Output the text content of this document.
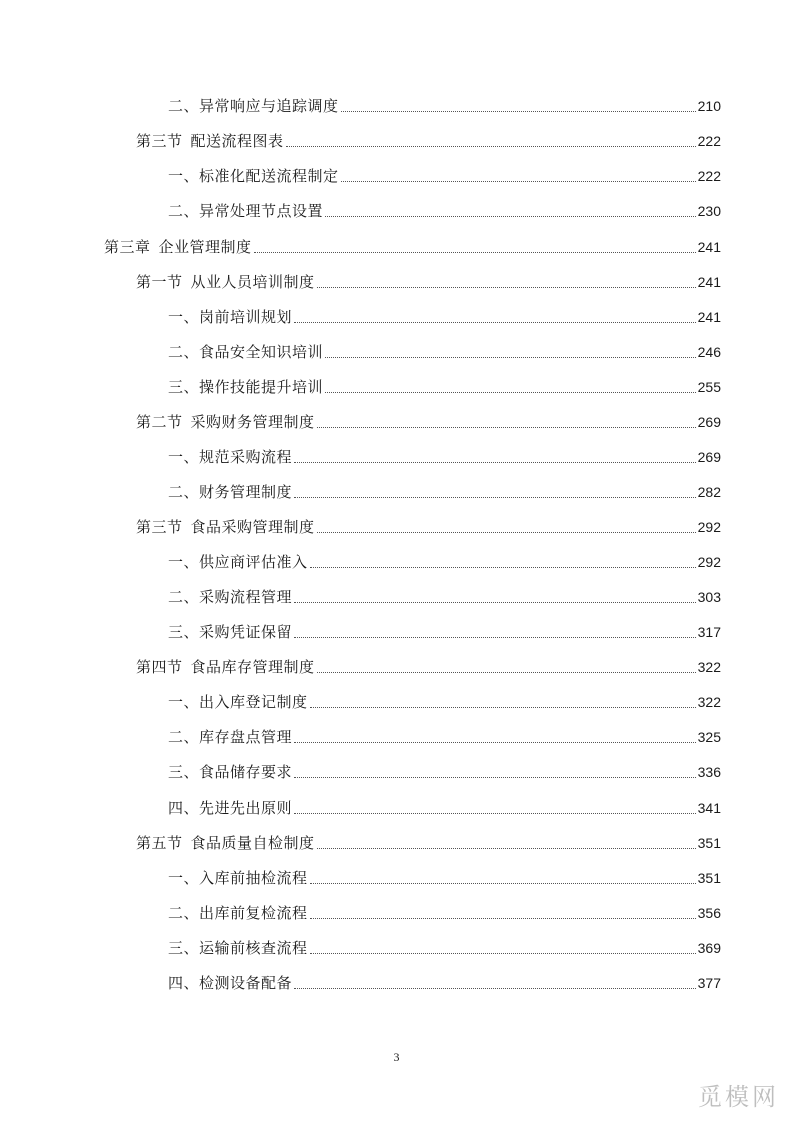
二、 异常响应与追踪调度	210
第三节 配送流程图表	222
一、 标准化配送流程制定	222
二、 异常处理节点设置	230
第三章 企业管理制度	241
第一节 从业人员培训制度	241
一、 岗前培训规划	241
二、 食品安全知识培训	246
三、 操作技能提升培训	255
第二节 采购财务管理制度	269
一、 规范采购流程	269
二、 财务管理制度	282
第三节 食品采购管理制度	292
一、 供应商评估准入	292
二、 采购流程管理	303
三、 采购凭证保留	317
第四节 食品库存管理制度	322
一、 出入库登记制度	322
二、 库存盘点管理	325
三、 食品储存要求	336
四、 先进先出原则	341
第五节 食品质量自检制度	351
一、 入库前抽检流程	351
二、 出库前复检流程	356
三、 运输前核查流程	369
四、 检测设备配备	377
3
觅模网
